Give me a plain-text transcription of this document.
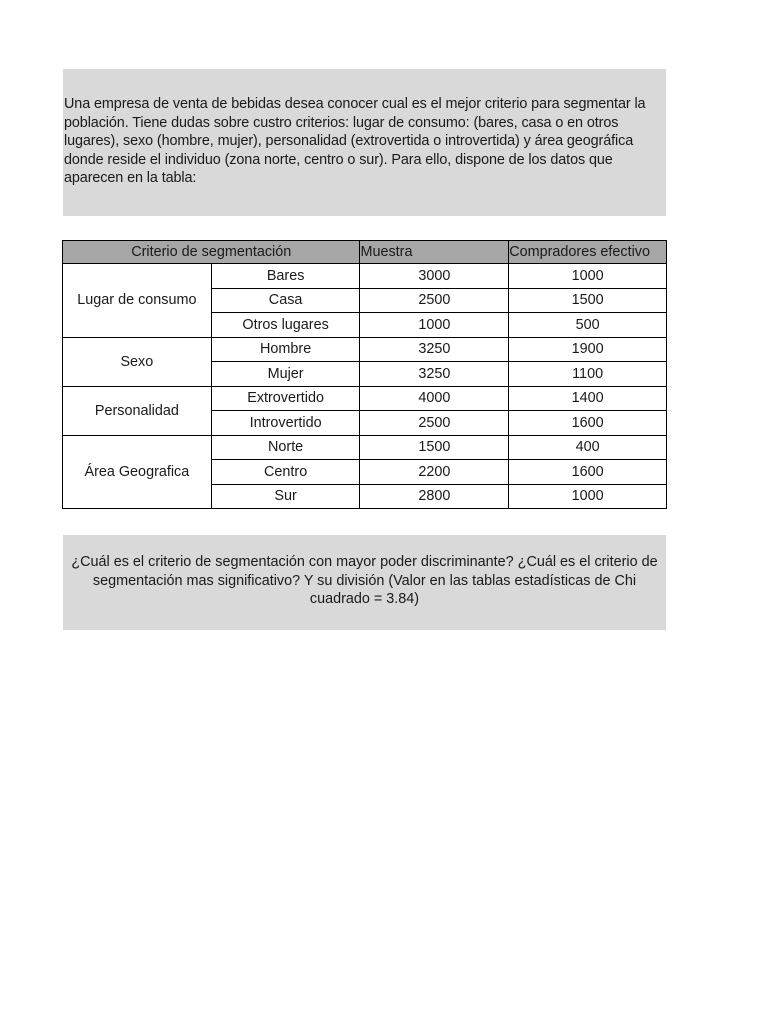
Una empresa de venta de bebidas desea conocer cual es el mejor criterio para segmentar la población. Tiene dudas sobre custro criterios: lugar de consumo: (bares, casa o en otros lugares), sexo (hombre, mujer), personalidad (extrovertida o introvertida) y área geográfica donde reside el individuo (zona norte, centro o sur). Para ello, dispone de los datos que aparecen en la tabla:

Criterio de segmentación		Muestra	Compradores efectivo
Lugar de consumo	Bares	3000	1000
	Casa	2500	1500
	Otros lugares	1000	500
Sexo	Hombre	3250	1900
	Mujer	3250	1100
Personalidad	Extrovertido	4000	1400
	Introvertido	2500	1600
Área Geografica	Norte	1500	400
	Centro	2200	1600
	Sur	2800	1000

¿Cuál es el criterio de segmentación con mayor poder discriminante? ¿Cuál es el criterio de segmentación mas significativo? Y su división (Valor en las tablas estadísticas de Chi cuadrado = 3.84)
